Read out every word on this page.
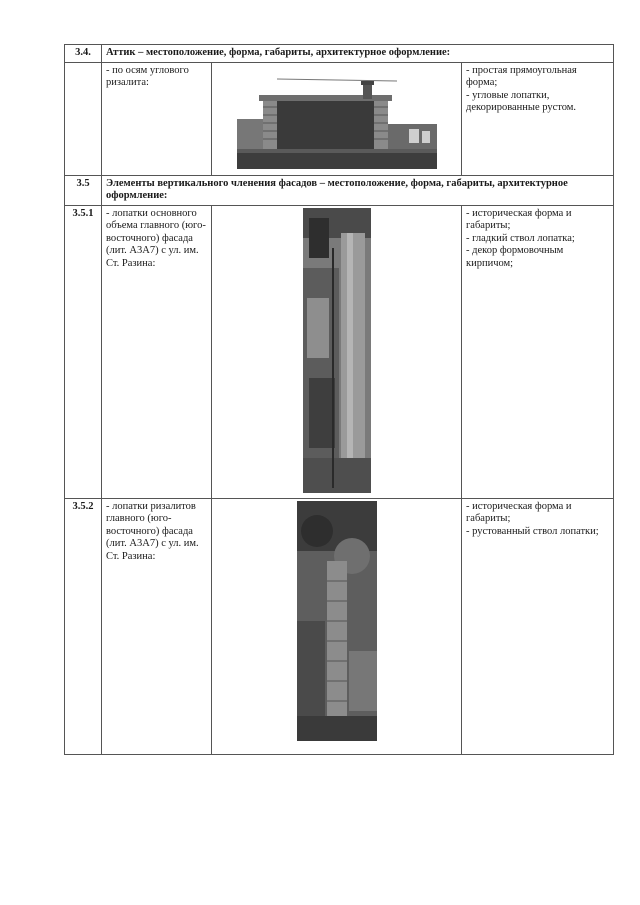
3.4.	Аттик – местоположение, форма, габариты, архитектурное оформление:		
	- по осям углового ризалита:		- простая прямоугольная форма;
- угловые лопатки, декорированные рустом.

3.5	Элементы вертикального членения фасадов – местоположение, форма, габариты, архитектурное оформление:		
3.5.1	- лопатки основного объема главного (юго-восточного) фасада (лит. А3А7) с ул. им. Ст. Разина:		- историческая форма и габариты;
- гладкий ствол лопатка;
- декор формовочным кирпичом;

3.5.2	- лопатки ризалитов главного (юго-восточного) фасада (лит. А3А7) с ул. им. Ст. Разина:		- историческая форма и габариты;
- рустованный ствол лопатки;
